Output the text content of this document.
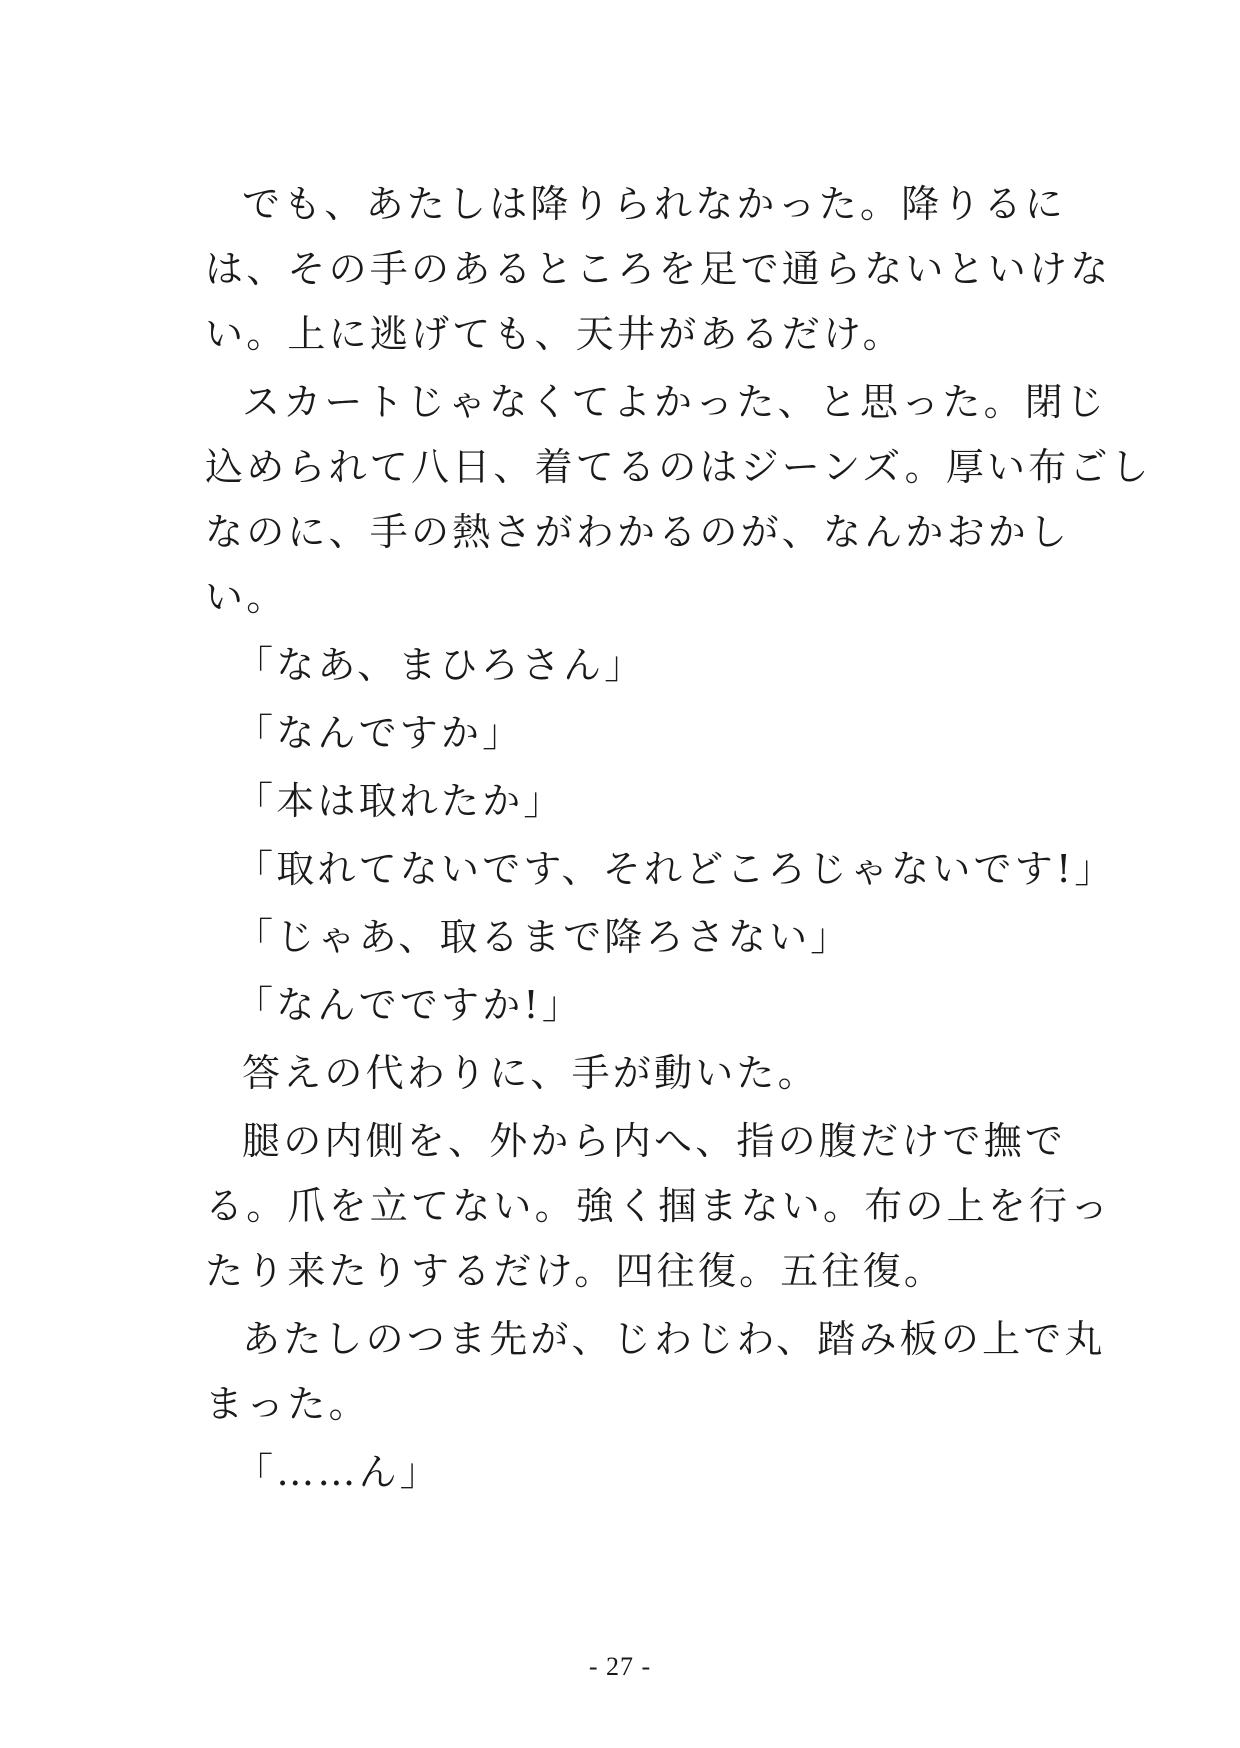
でも、あたしは降りられなかった。降りるに
は、その手のあるところを足で通らないといけな
い。上に逃げても、天井があるだけ。

スカートじゃなくてよかった、と思った。閉じ
込められて八日、着てるのはジーンズ。厚い布ごし
なのに、手の熱さがわかるのが、なんかおかし
い。

「なあ、まひろさん」

「なんですか」

「本は取れたか」

「取れてないです、それどころじゃないです!」

「じゃあ、取るまで降ろさない」

「なんでですか!」

答えの代わりに、手が動いた。

腿の内側を、外から内へ、指の腹だけで撫で
る。爪を立てない。強く掴まない。布の上を行っ
たり来たりするだけ。四往復。五往復。

あたしのつま先が、じわじわ、踏み板の上で丸
まった。

「……ん」

- 27 -
